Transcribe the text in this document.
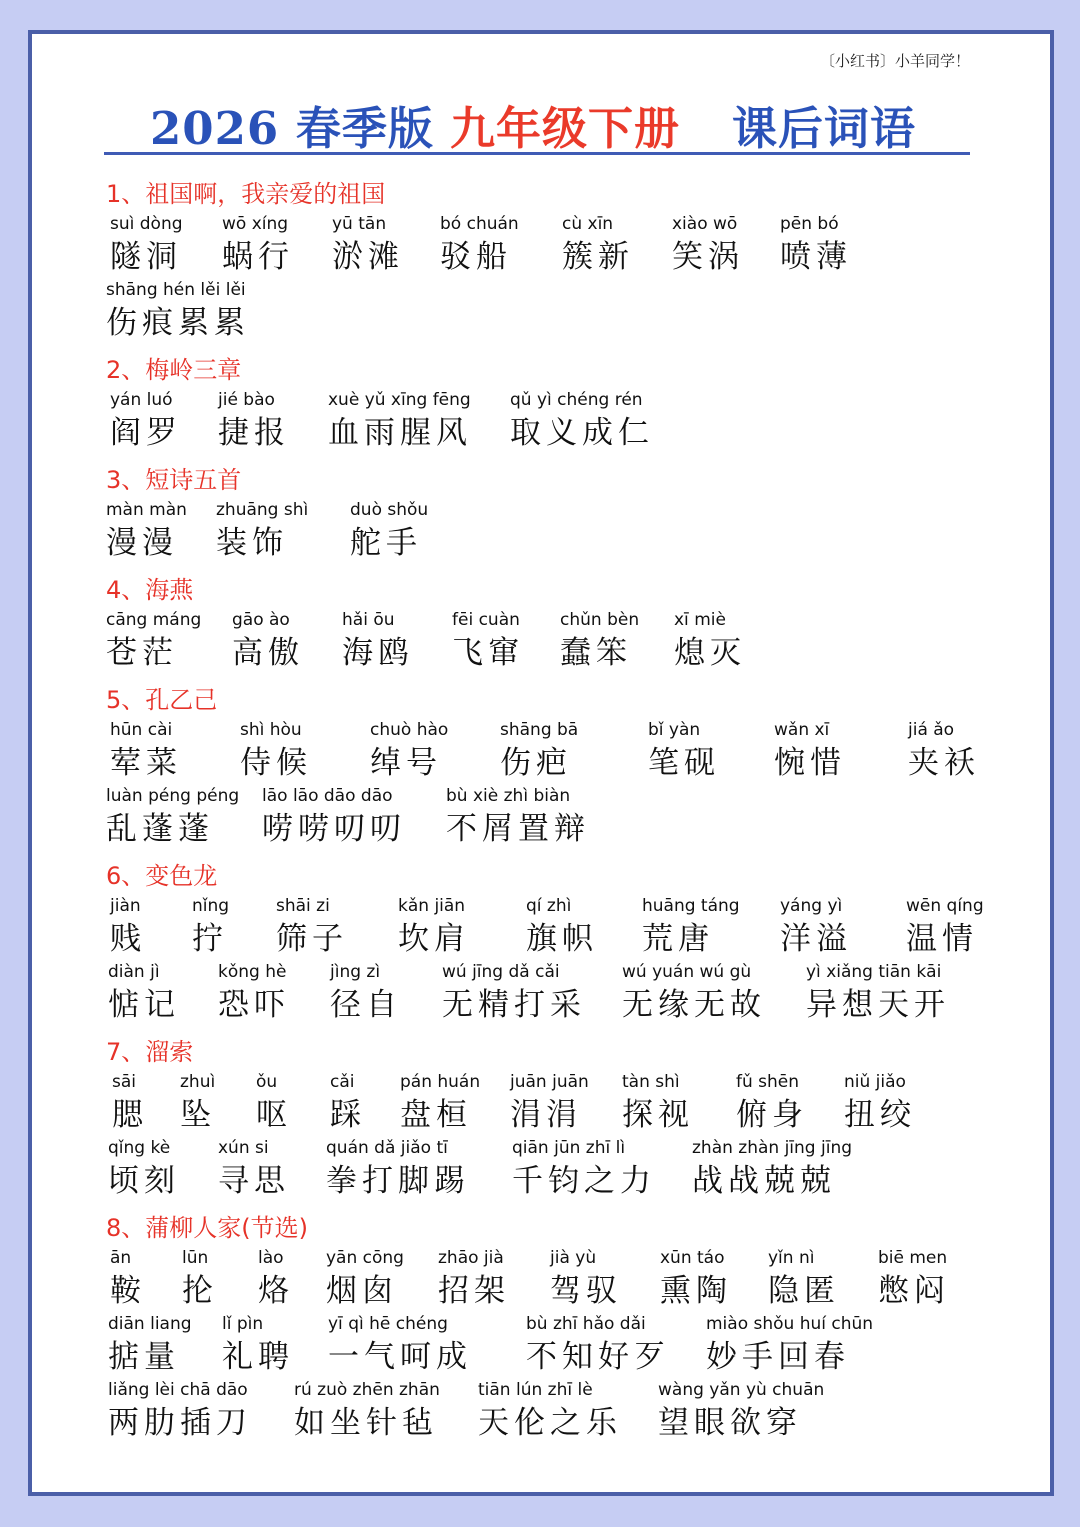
〔小红书〕小羊同学！
2026 春季版 九年级下册 课后词语
1、祖国啊，我亲爱的祖国
suì dòng
隧洞
wō xíng
蜗行
yū tān
淤滩
bó chuán
驳船
cù xīn
簇新
xiào wō
笑涡
pēn bó
喷薄
shāng hén lěi lěi
伤痕累累
2、梅岭三章
yán luó
阎罗
jié bào
捷报
xuè yǔ xīng fēng
血雨腥风
qǔ yì chéng rén
取义成仁
3、短诗五首
màn màn
漫漫
zhuāng shì
装饰
duò shǒu
舵手
4、海燕
cāng máng
苍茫
gāo ào
高傲
hǎi ōu
海鸥
fēi cuàn
飞窜
chǔn bèn
蠢笨
xī miè
熄灭
5、孔乙己
hūn cài
荤菜
shì hòu
侍候
chuò hào
绰号
shāng bā
伤疤
bǐ yàn
笔砚
wǎn xī
惋惜
jiá ǎo
夹袄
luàn péng péng
乱蓬蓬
lāo lāo dāo dāo
唠唠叨叨
bù xiè zhì biàn
不屑置辩
6、变色龙
jiàn
贱
nǐng
拧
shāi zi
筛子
kǎn jiān
坎肩
qí zhì
旗帜
huāng táng
荒唐
yáng yì
洋溢
wēn qíng
温情
diàn jì
惦记
kǒng hè
恐吓
jìng zì
径自
wú jīng dǎ cǎi
无精打采
wú yuán wú gù
无缘无故
yì xiǎng tiān kāi
异想天开
7、溜索
sāi
腮
zhuì
坠
ǒu
呕
cǎi
踩
pán huán
盘桓
juān juān
涓涓
tàn shì
探视
fǔ shēn
俯身
niǔ jiǎo
扭绞
qǐng kè
顷刻
xún si
寻思
quán dǎ jiǎo tī
拳打脚踢
qiān jūn zhī lì
千钧之力
zhàn zhàn jīng jīng
战战兢兢
8、蒲柳人家(节选)
ān
鞍
lūn
抡
lào
烙
yān cōng
烟囱
zhāo jià
招架
jià yù
驾驭
xūn táo
熏陶
yǐn nì
隐匿
biē men
憋闷
diān liang
掂量
lǐ pìn
礼聘
yī qì hē chéng
一气呵成
bù zhī hǎo dǎi
不知好歹
miào shǒu huí chūn
妙手回春
liǎng lèi chā dāo
两肋插刀
rú zuò zhēn zhān
如坐针毡
tiān lún zhī lè
天伦之乐
wàng yǎn yù chuān
望眼欲穿
